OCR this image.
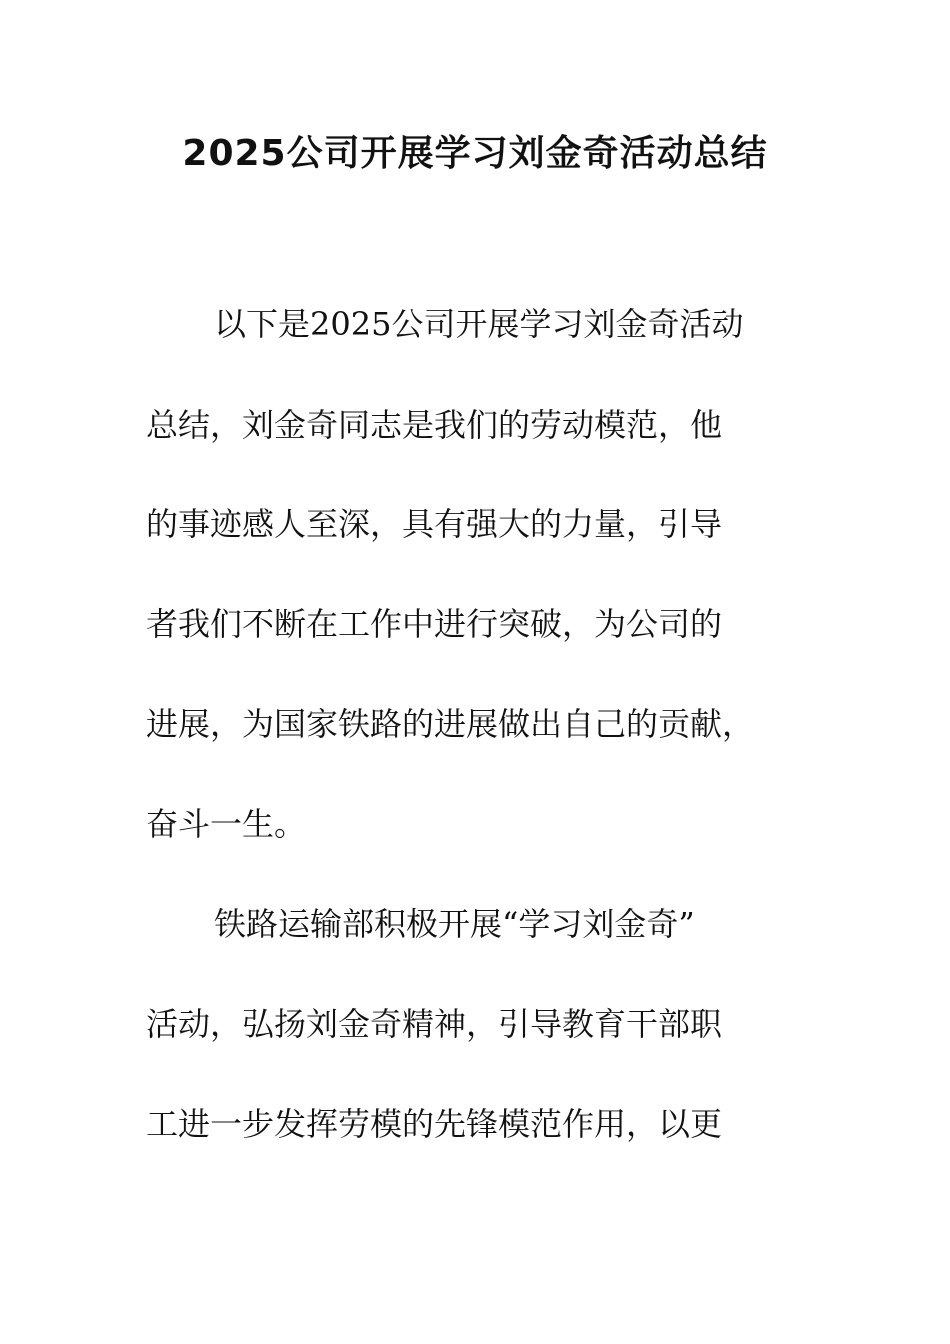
2025公司开展学习刘金奇活动总结

以下是2025公司开展学习刘金奇活动

总结，刘金奇同志是我们的劳动模范，他

的事迹感人至深，具有强大的力量，引导

者我们不断在工作中进行突破，为公司的

进展，为国家铁路的进展做出自己的贡献，

奋斗一生。

铁路运输部积极开展“学习刘金奇”

活动，弘扬刘金奇精神，引导教育干部职

工进一步发挥劳模的先锋模范作用，以更
